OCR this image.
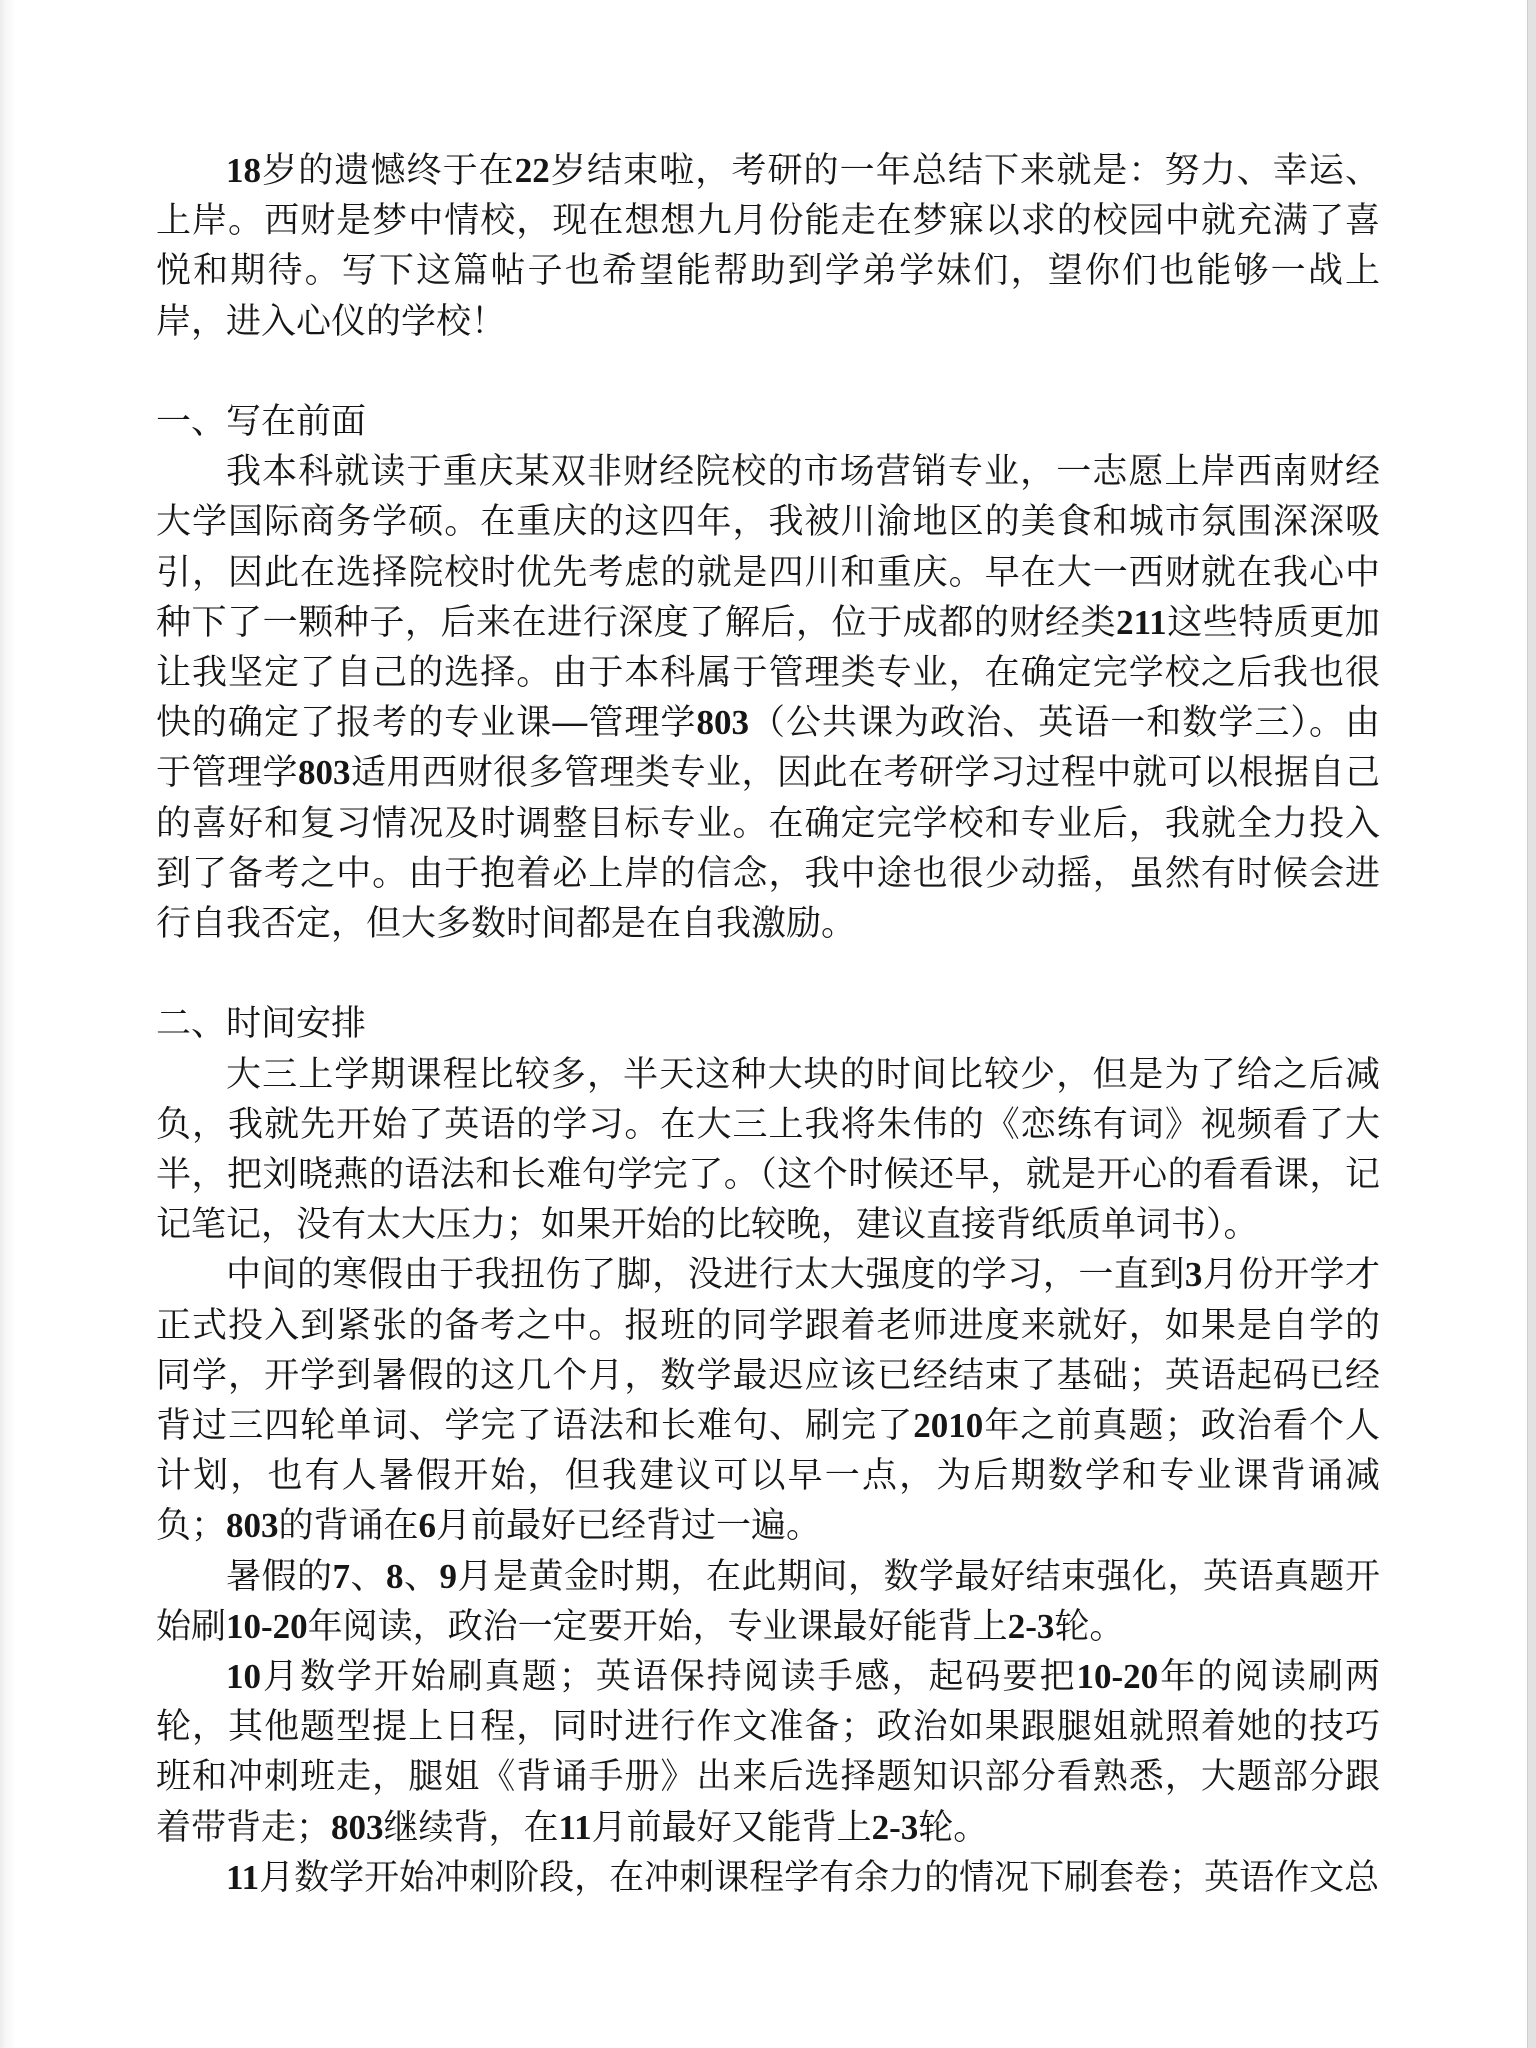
18岁的遗憾终于在22岁结束啦，考研的一年总结下来就是：努力、幸运、上岸。西财是梦中情校，现在想想九月份能走在梦寐以求的校园中就充满了喜悦和期待。写下这篇帖子也希望能帮助到学弟学妹们，望你们也能够一战上岸，进入心仪的学校！

一、写在前面

我本科就读于重庆某双非财经院校的市场营销专业，一志愿上岸西南财经大学国际商务学硕。在重庆的这四年，我被川渝地区的美食和城市氛围深深吸引，因此在选择院校时优先考虑的就是四川和重庆。早在大一西财就在我心中种下了一颗种子，后来在进行深度了解后，位于成都的财经类211这些特质更加让我坚定了自己的选择。由于本科属于管理类专业，在确定完学校之后我也很快的确定了报考的专业课—管理学803（公共课为政治、英语一和数学三）。由于管理学803适用西财很多管理类专业，因此在考研学习过程中就可以根据自己的喜好和复习情况及时调整目标专业。在确定完学校和专业后，我就全力投入到了备考之中。由于抱着必上岸的信念，我中途也很少动摇，虽然有时候会进行自我否定，但大多数时间都是在自我激励。

二、时间安排

大三上学期课程比较多，半天这种大块的时间比较少，但是为了给之后减负，我就先开始了英语的学习。在大三上我将朱伟的《恋练有词》视频看了大半，把刘晓燕的语法和长难句学完了。（这个时候还早，就是开心的看看课，记记笔记，没有太大压力；如果开始的比较晚，建议直接背纸质单词书）。

中间的寒假由于我扭伤了脚，没进行太大强度的学习，一直到3月份开学才正式投入到紧张的备考之中。报班的同学跟着老师进度来就好，如果是自学的同学，开学到暑假的这几个月，数学最迟应该已经结束了基础；英语起码已经背过三四轮单词、学完了语法和长难句、刷完了2010年之前真题；政治看个人计划，也有人暑假开始，但我建议可以早一点，为后期数学和专业课背诵减负；803的背诵在6月前最好已经背过一遍。

暑假的7、8、9月是黄金时期，在此期间，数学最好结束强化，英语真题开始刷10-20年阅读，政治一定要开始，专业课最好能背上2-3轮。

10月数学开始刷真题；英语保持阅读手感，起码要把10-20年的阅读刷两轮，其他题型提上日程，同时进行作文准备；政治如果跟腿姐就照着她的技巧班和冲刺班走，腿姐《背诵手册》出来后选择题知识部分看熟悉，大题部分跟着带背走；803继续背，在11月前最好又能背上2-3轮。

11月数学开始冲刺阶段，在冲刺课程学有余力的情况下刷套卷；英语作文总
